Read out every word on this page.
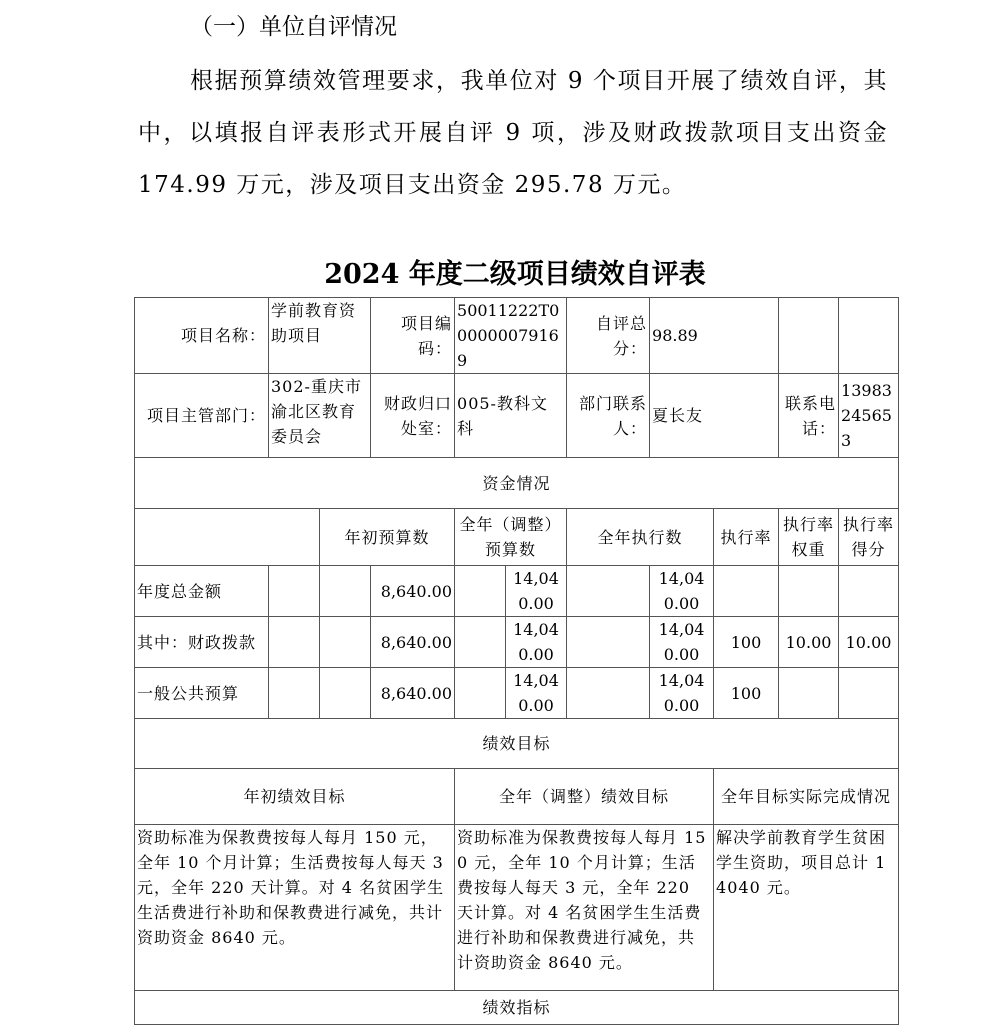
（一）单位自评情况
根据预算绩效管理要求，我单位对 9 个项目开展了绩效自评，其中，以填报自评表形式开展自评 9 项，涉及财政拨款项目支出资金 174.99 万元，涉及项目支出资金 295.78 万元。
2024 年度二级项目绩效自评表
项目名称：	学前教育资助项目		项目编码：	50011222T000000079169		自评总分：	98.89			
项目主管部门：	302-重庆市渝北区教育委员会		财政归口处室：	005-教科文科		部门联系人：	夏长友		联系电话：	13983245653
资金情况										
		年初预算数		全年（调整）预算数		全年执行数		执行率	执行率权重	执行率得分
年度总金额			8,640.00		14,040.00		14,040.00			
其中：财政拨款			8,640.00		14,040.00		14,040.00	100	10.00	10.00
一般公共预算			8,640.00		14,040.00		14,040.00	100		
绩效目标										
年初绩效目标				全年（调整）绩效目标				全年目标实际完成情况		
资助标准为保教费按每人每月 150 元，全年 10 个月计算；生活费按每人每天 3 元，全年 220 天计算。对 4 名贫困学生生活费进行补助和保教费进行减免，共计资助资金 8640 元。				资助标准为保教费按每人每月 150 元，全年 10 个月计算；生活费按每人每天 3 元，全年 220 天计算。对 4 名贫困学生生活费进行补助和保教费进行减免，共计资助资金 8640 元。				解决学前教育学生贫困学生资助，项目总计 14040 元。		
绩效指标										
